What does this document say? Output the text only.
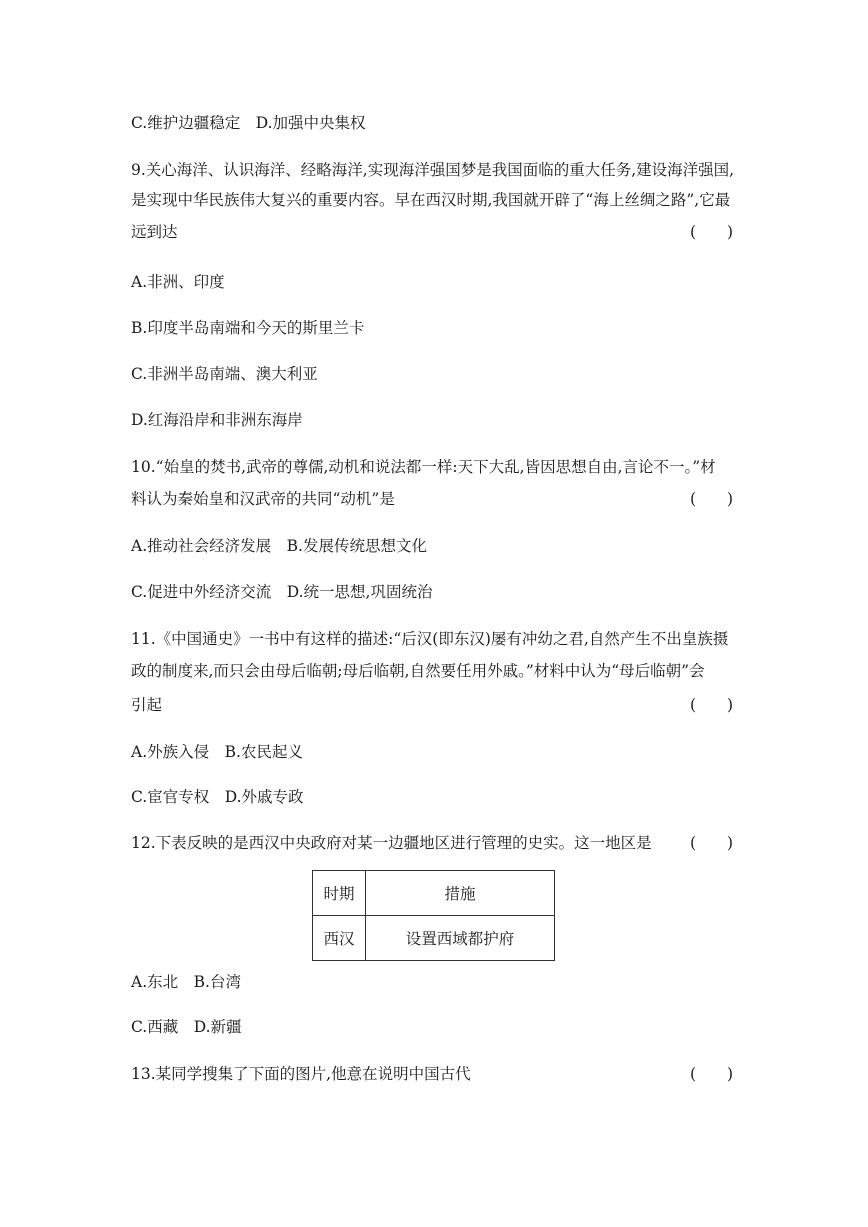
C.维护边疆稳定　D.加强中央集权
9.关心海洋、认识海洋、经略海洋,实现海洋强国梦是我国面临的重大任务,建设海洋强国,
是实现中华民族伟大复兴的重要内容。早在西汉时期,我国就开辟了“海上丝绸之路”,它最
远到达	(　　)
A.非洲、印度
B.印度半岛南端和今天的斯里兰卡
C.非洲半岛南端、澳大利亚
D.红海沿岸和非洲东海岸
10.“始皇的焚书,武帝的尊儒,动机和说法都一样:天下大乱,皆因思想自由,言论不一。”材
料认为秦始皇和汉武帝的共同“动机”是	(　　)
A.推动社会经济发展　B.发展传统思想文化
C.促进中外经济交流　D.统一思想,巩固统治
11.《中国通史》一书中有这样的描述:“后汉(即东汉)屡有冲幼之君,自然产生不出皇族摄
政的制度来,而只会由母后临朝;母后临朝,自然要任用外戚。”材料中认为“母后临朝”会
引起	(　　)
A.外族入侵　B.农民起义
C.宦官专权　D.外戚专政
12.下表反映的是西汉中央政府对某一边疆地区进行管理的史实。这一地区是 (　　)
时期	措施
西汉	设置西域都护府
A.东北　B.台湾
C.西藏　D.新疆
13.某同学搜集了下面的图片,他意在说明中国古代	(　　)
